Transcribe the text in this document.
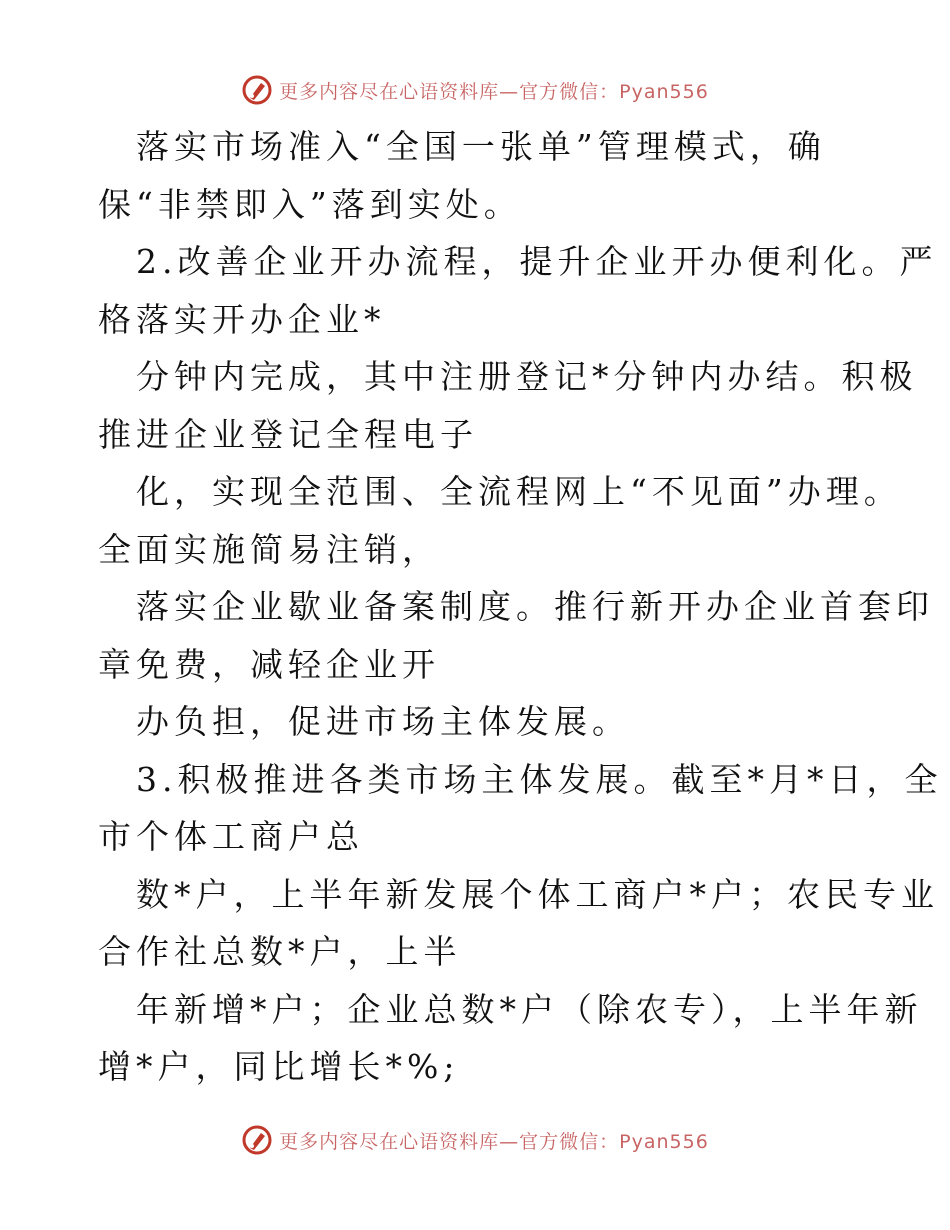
更多内容尽在心语资料库—官方微信：Pyan556
落实市场准入“全国一张单”管理模式，确
保“非禁即入”落到实处。
2.改善企业开办流程，提升企业开办便利化。严
格落实开办企业*
分钟内完成，其中注册登记*分钟内办结。积极
推进企业登记全程电子
化，实现全范围、全流程网上“不见面”办理。
全面实施简易注销，
落实企业歇业备案制度。推行新开办企业首套印
章免费，减轻企业开
办负担，促进市场主体发展。
3.积极推进各类市场主体发展。截至*月*日，全
市个体工商户总
数*户，上半年新发展个体工商户*户；农民专业
合作社总数*户，上半
年新增*户；企业总数*户（除农专），上半年新
增*户，同比增长*%;
更多内容尽在心语资料库—官方微信：Pyan556
